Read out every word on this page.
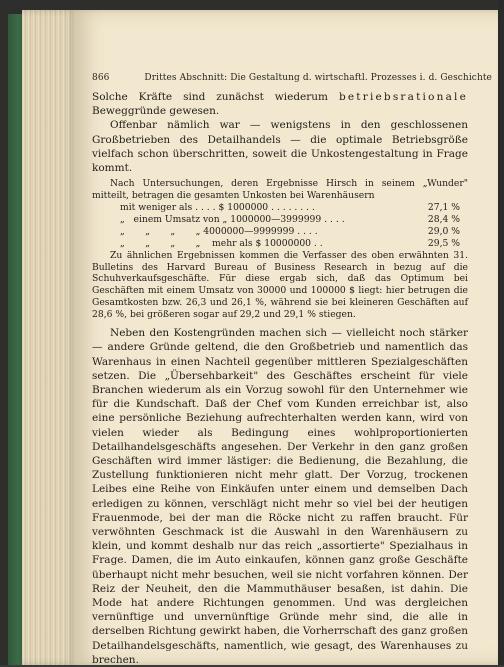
866	Drittes Abschnitt: Die Gestaltung d. wirtschaftl. Prozesses i. d. Geschichte

Solche Kräfte sind zunächst wiederum betriebsrationale Beweggründe gewesen.

Offenbar nämlich war — wenigstens in den geschlossenen Großbetrieben des Detailhandels — die optimale Betriebsgröße vielfach schon überschritten, soweit die Unkostengestaltung in Frage kommt.

Nach Untersuchungen, deren Ergebnisse Hirsch in seinem „Wunder" mitteilt, betragen die gesamten Unkosten bei Warenhäusern

mit weniger als . . . . $ 1000000 . . . . . . . .	27,1 %
„   einem Umsatz von „ 1000000—3999999 . . . .	28,4 %
„       „       „       „ 4000000—9999999 . . . .	29,0 %
„       „       „       „    mehr als $ 10000000 . .	29,5 %

Zu ähnlichen Ergebnissen kommen die Verfasser des oben erwähnten 31. Bulletins des Harvard Bureau of Business Research in bezug auf die Schuhverkaufsgeschäfte. Für diese ergab sich, daß das Optimum bei Geschäften mit einem Umsatz von 30000 und 100000 $ liegt: hier betrugen die Gesamtkosten bzw. 26,3 und 26,1 %, während sie bei kleineren Geschäften auf 28,6 %, bei größeren sogar auf 29,2 und 29,1 % stiegen.

Neben den Kostengründen machen sich — vielleicht noch stärker — andere Gründe geltend, die den Großbetrieb und namentlich das Warenhaus in einen Nachteil gegenüber mittleren Spezialgeschäften setzen. Die „Übersehbarkeit" des Geschäftes erscheint für viele Branchen wiederum als ein Vorzug sowohl für den Unternehmer wie für die Kundschaft. Daß der Chef vom Kunden erreichbar ist, also eine persönliche Beziehung aufrechterhalten werden kann, wird von vielen wieder als Bedingung eines wohlproportionierten Detailhandelsgeschäfts angesehen. Der Verkehr in den ganz großen Geschäften wird immer lästiger: die Bedienung, die Bezahlung, die Zustellung funktionieren nicht mehr glatt. Der Vorzug, trockenen Leibes eine Reihe von Einkäufen unter einem und demselben Dach erledigen zu können, verschlägt nicht mehr so viel bei der heutigen Frauenmode, bei der man die Röcke nicht zu raffen braucht. Für verwöhnten Geschmack ist die Auswahl in den Warenhäusern zu klein, und kommt deshalb nur das reich „assortierte" Spezialhaus in Frage. Damen, die im Auto einkaufen, können ganz große Geschäfte überhaupt nicht mehr besuchen, weil sie nicht vorfahren können. Der Reiz der Neuheit, den die Mammuthäuser besaßen, ist dahin. Die Mode hat andere Richtungen genommen. Und was dergleichen vernünftige und unvernünftige Gründe mehr sind, die alle in derselben Richtung gewirkt haben, die Vorherrschaft des ganz großen Detailhandelsgeschäfts, namentlich, wie gesagt, des Warenhauses zu brechen.
